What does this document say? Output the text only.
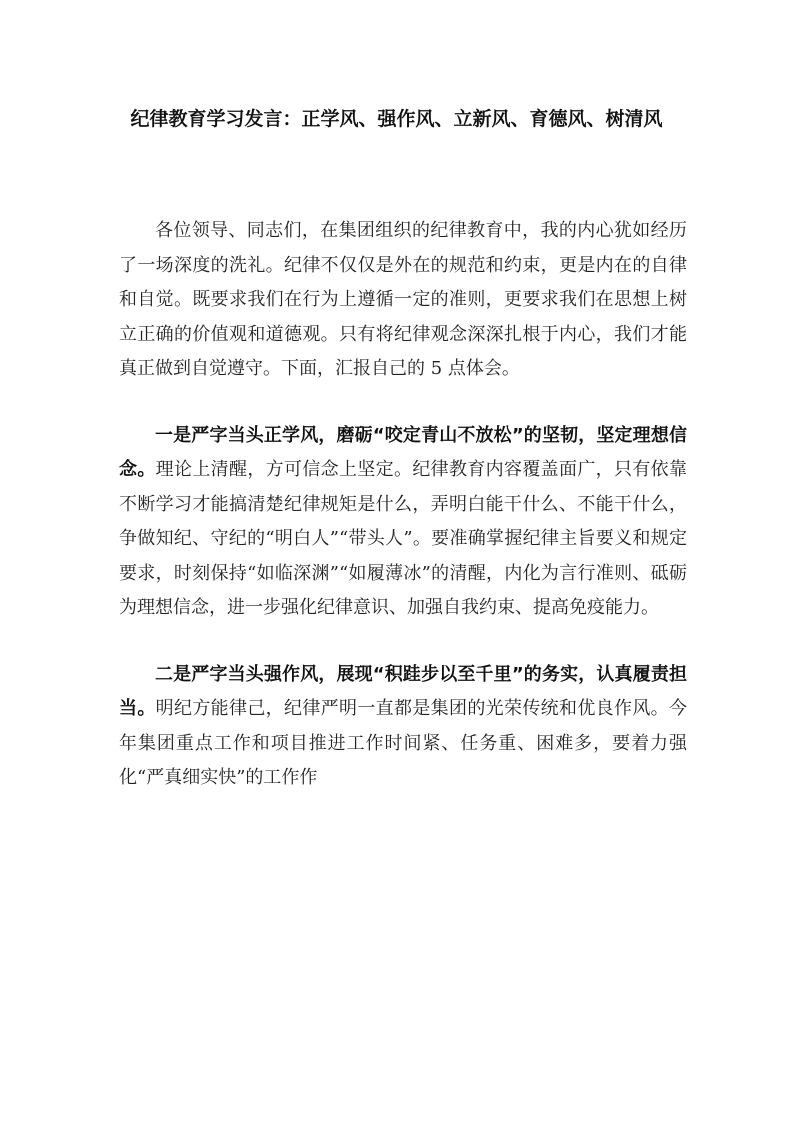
纪律教育学习发言：正学风、强作风、立新风、育德风、树清风

各位领导、同志们，在集团组织的纪律教育中，我的内心犹如经历了一场深度的洗礼。纪律不仅仅是外在的规范和约束，更是内在的自律和自觉。既要求我们在行为上遵循一定的准则，更要求我们在思想上树立正确的价值观和道德观。只有将纪律观念深深扎根于内心，我们才能真正做到自觉遵守。下面，汇报自己的 5 点体会。

一是严字当头正学风，磨砺“咬定青山不放松”的坚韧，坚定理想信念。理论上清醒，方可信念上坚定。纪律教育内容覆盖面广，只有依靠不断学习才能搞清楚纪律规矩是什么，弄明白能干什么、不能干什么，争做知纪、守纪的“明白人”“带头人”。要准确掌握纪律主旨要义和规定要求，时刻保持“如临深渊”“如履薄冰”的清醒，内化为言行准则、砥砺为理想信念，进一步强化纪律意识、加强自我约束、提高免疫能力。

二是严字当头强作风，展现“积跬步以至千里”的务实，认真履责担当。明纪方能律己，纪律严明一直都是集团的光荣传统和优良作风。今年集团重点工作和项目推进工作时间紧、任务重、困难多，要着力强化“严真细实快”的工作作
